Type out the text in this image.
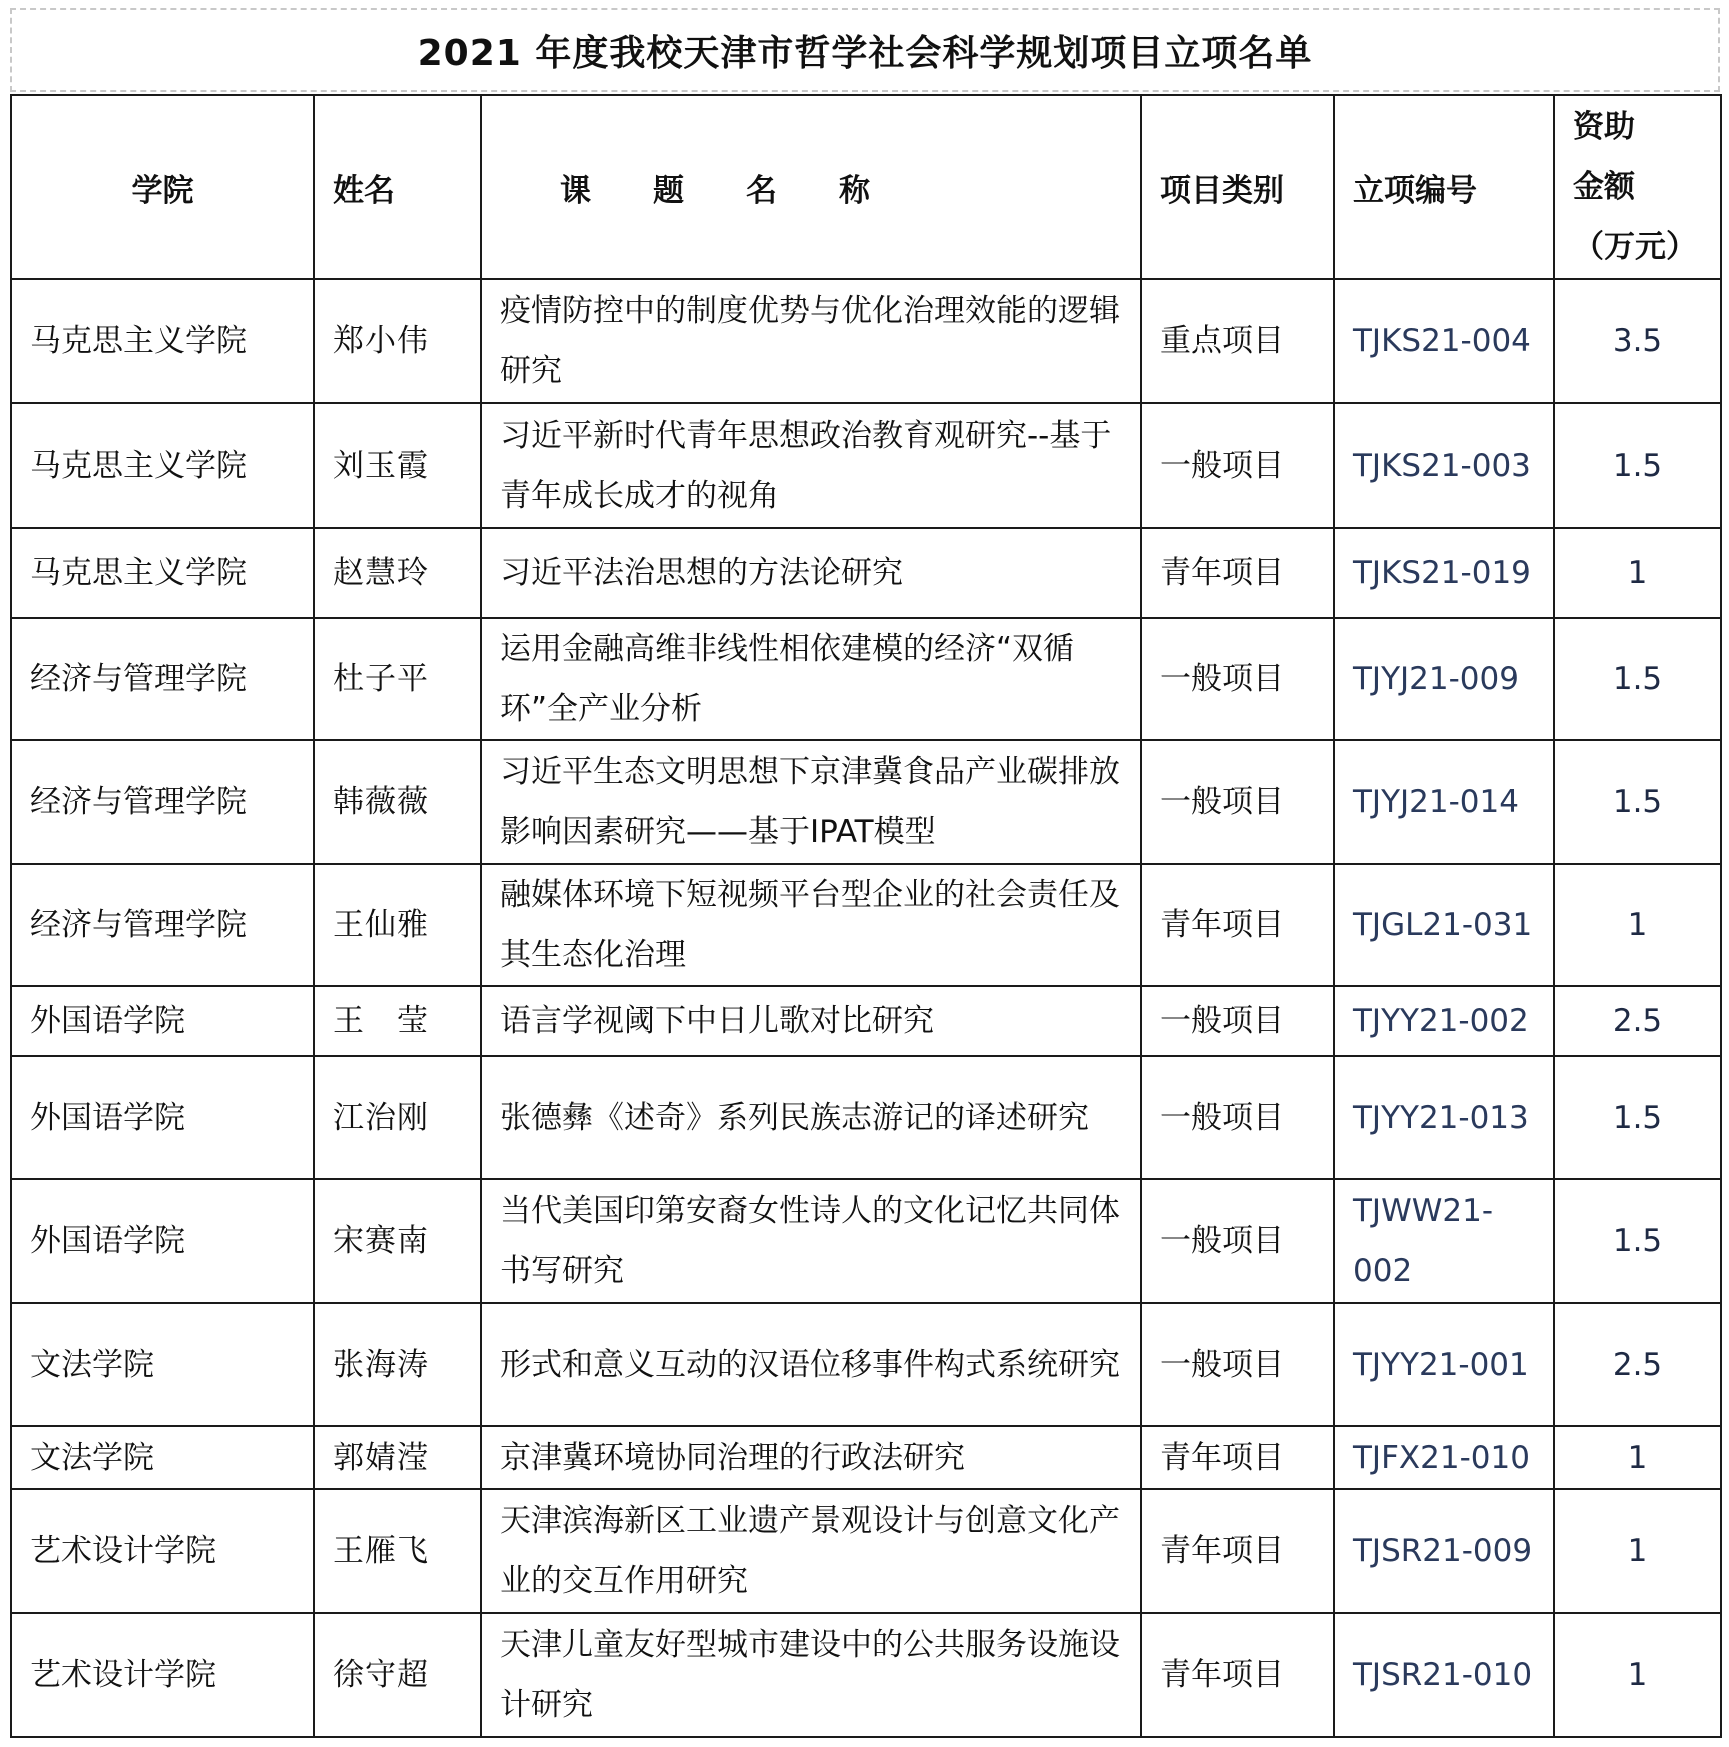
2021 年度我校天津市哲学社会科学规划项目立项名单
学院	姓名	课题名称	项目类别	立项编号	资助
金额
（万元）

马克思主义学院	郑小伟	疫情防控中的制度优势与优化治理效能的逻辑研究	重点项目	TJKS21-004	3.5
马克思主义学院	刘玉霞	习近平新时代青年思想政治教育观研究--基于青年成长成才的视角	一般项目	TJKS21-003	1.5
马克思主义学院	赵慧玲	习近平法治思想的方法论研究	青年项目	TJKS21-019	1
经济与管理学院	杜子平	运用金融高维非线性相依建模的经济“双循环”全产业分析	一般项目	TJYJ21-009	1.5
经济与管理学院	韩薇薇	习近平生态文明思想下京津冀食品产业碳排放影响因素研究——基于IPAT模型	一般项目	TJYJ21-014	1.5
经济与管理学院	王仙雅	融媒体环境下短视频平台型企业的社会责任及其生态化治理	青年项目	TJGL21-031	1
外国语学院	王　莹	语言学视阈下中日儿歌对比研究	一般项目	TJYY21-002	2.5
外国语学院	江治刚	张德彝《述奇》系列民族志游记的译述研究	一般项目	TJYY21-013	1.5
外国语学院	宋赛南	当代美国印第安裔女性诗人的文化记忆共同体书写研究	一般项目	TJWW21-002	1.5
文法学院	张海涛	形式和意义互动的汉语位移事件构式系统研究	一般项目	TJYY21-001	2.5
文法学院	郭婧滢	京津冀环境协同治理的行政法研究	青年项目	TJFX21-010	1
艺术设计学院	王雁飞	天津滨海新区工业遗产景观设计与创意文化产业的交互作用研究	青年项目	TJSR21-009	1
艺术设计学院	徐守超	天津儿童友好型城市建设中的公共服务设施设计研究	青年项目	TJSR21-010	1
